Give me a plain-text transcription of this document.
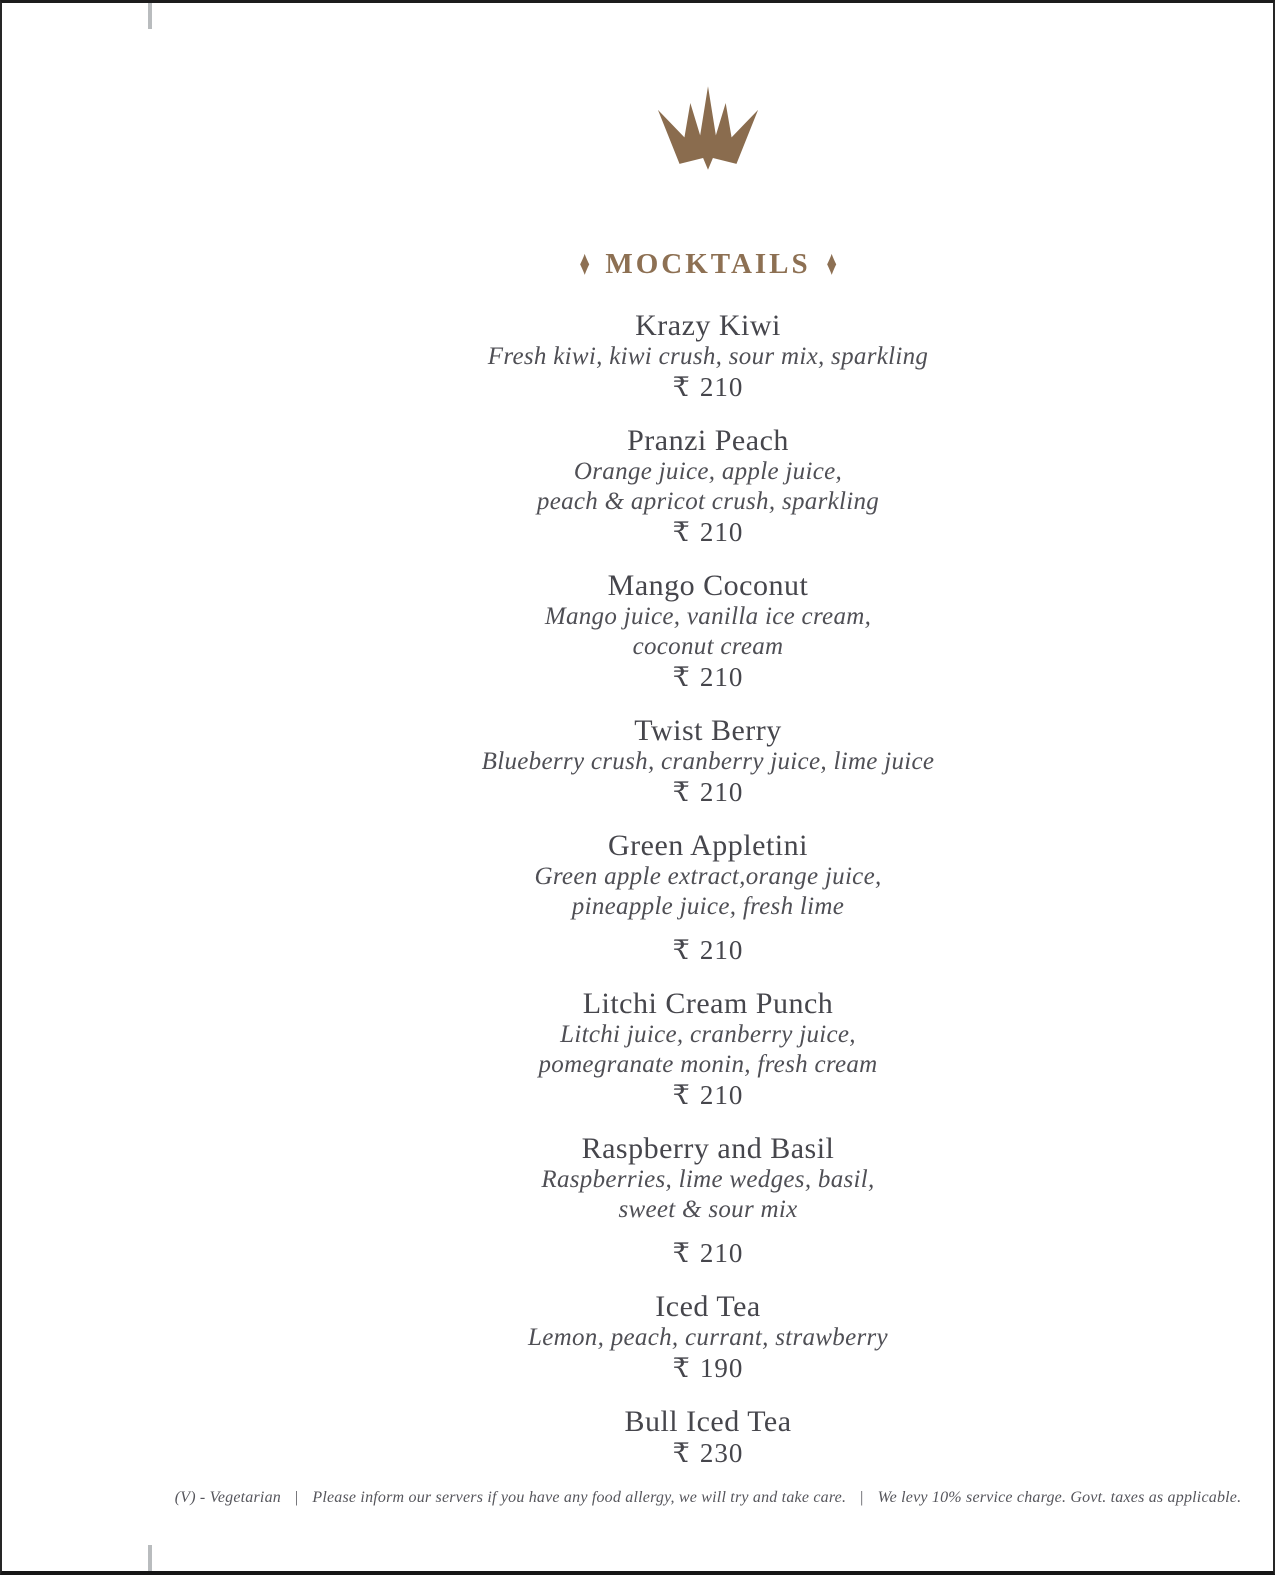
♦ MOCKTAILS ♦
Krazy Kiwi
Fresh kiwi, kiwi crush, sour mix, sparkling
₹ 210
Pranzi Peach
Orange juice, apple juice,
peach & apricot crush, sparkling
₹ 210
Mango Coconut
Mango juice, vanilla ice cream,
coconut cream
₹ 210
Twist Berry
Blueberry crush, cranberry juice, lime juice
₹ 210
Green Appletini
Green apple extract,orange juice,
pineapple juice, fresh lime
₹ 210
Litchi Cream Punch
Litchi juice, cranberry juice,
pomegranate monin, fresh cream
₹ 210
Raspberry and Basil
Raspberries, lime wedges, basil,
sweet & sour mix
₹ 210
Iced Tea
Lemon, peach, currant, strawberry
₹ 190
Bull Iced Tea
₹ 230
(V) - Vegetarian | Please inform our servers if you have any food allergy, we will try and take care. | We levy 10% service charge. Govt. taxes as applicable.
